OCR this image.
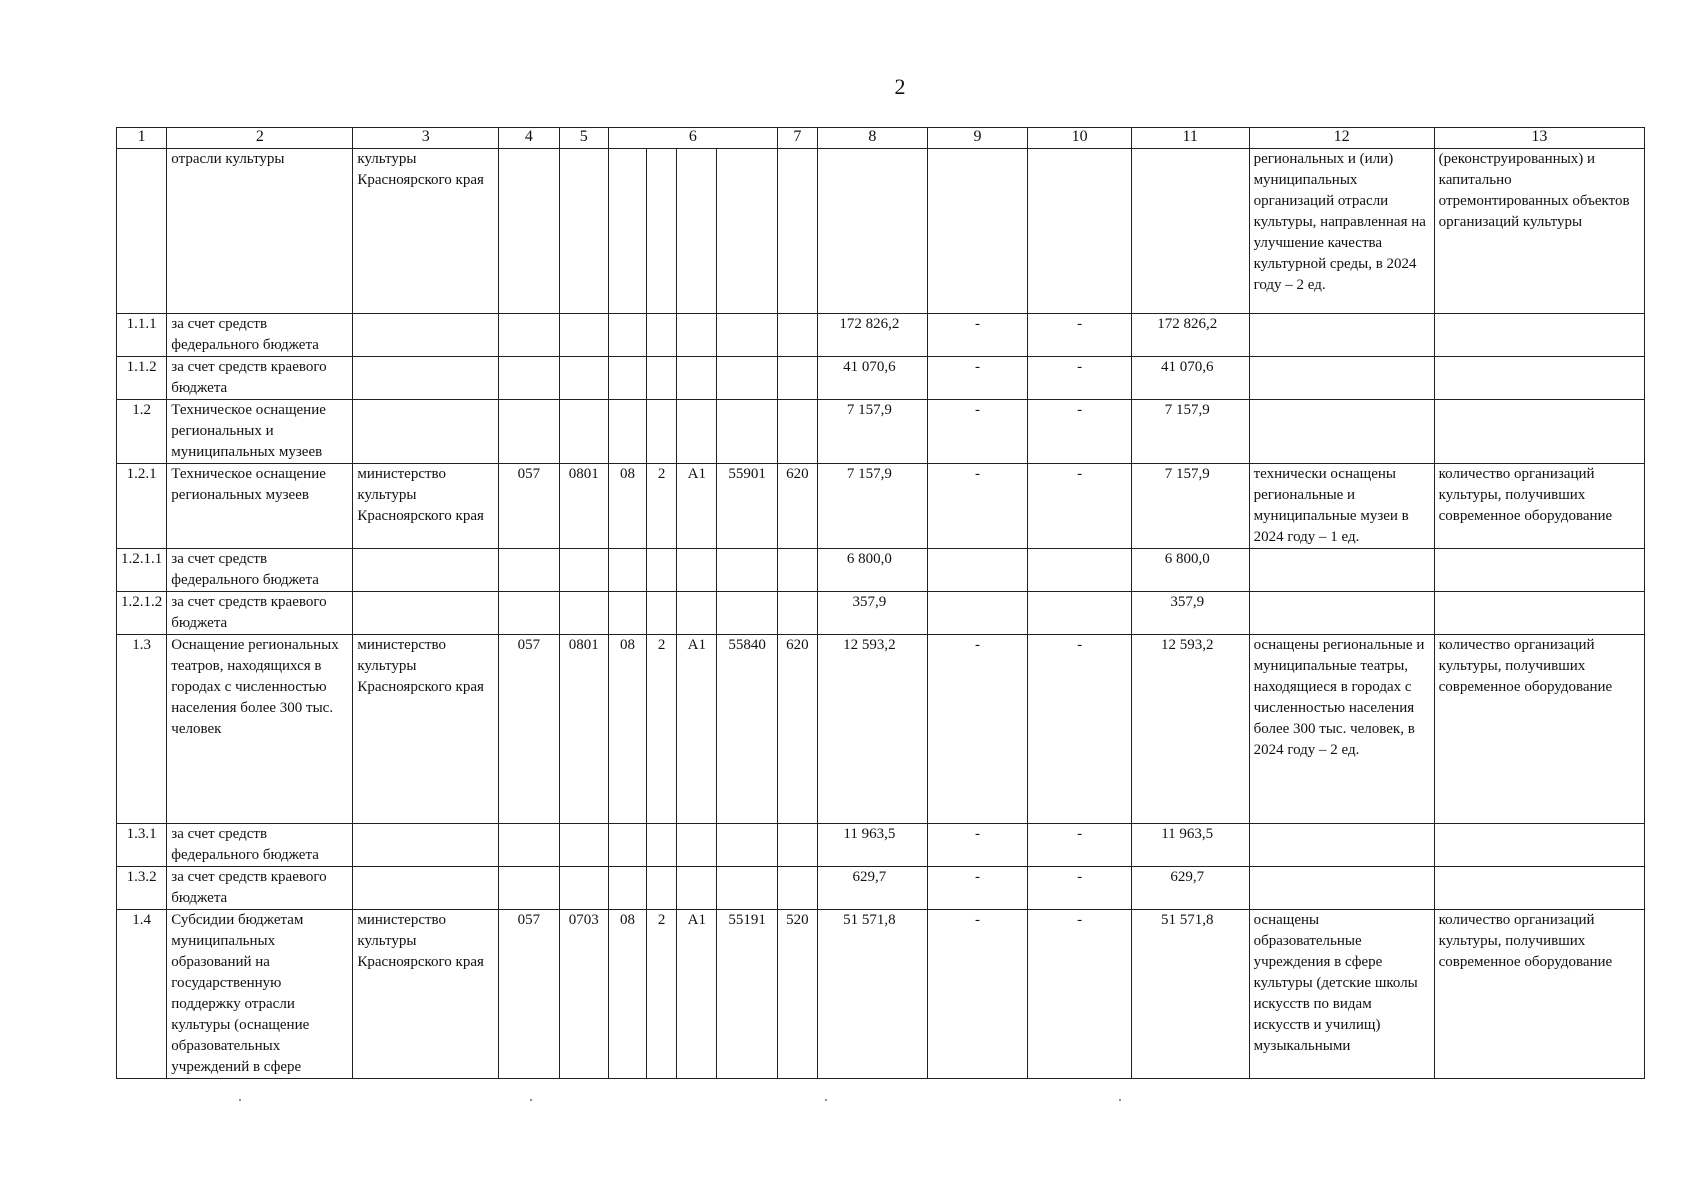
2
1	2	3	4	5	6				7	8	9	10	11	12	13
	отрасли культуры	культуры Красноярского края												региональных и (или) муниципальных организаций отрасли культуры, направленная на улучшение качества культурной среды, в 2024 году – 2 ед.	(реконструированных) и капитально отремонтированных объектов организаций культуры
1.1.1	за счет средств федерального бюджета									172 826,2	-	-	172 826,2		
1.1.2	за счет средств краевого бюджета									41 070,6	-	-	41 070,6		
1.2	Техническое оснащение региональных и муниципальных музеев									7 157,9	-	-	7 157,9		
1.2.1	Техническое оснащение региональных музеев	министерство культуры Красноярского края	057	0801	08	2	А1	55901	620	7 157,9	-	-	7 157,9	технически оснащены региональные и муниципальные музеи в 2024 году – 1 ед.	количество организаций культуры, получивших современное оборудование
1.2.1.1	за счет средств федерального бюджета									6 800,0			6 800,0		
1.2.1.2	за счет средств краевого бюджета									357,9			357,9		
1.3	Оснащение региональных театров, находящихся в городах с численностью населения более 300 тыс. человек	министерство культуры Красноярского края	057	0801	08	2	А1	55840	620	12 593,2	-	-	12 593,2	оснащены региональные и муниципальные театры, находящиеся в городах с численностью населения более 300 тыс. человек, в 2024 году – 2 ед.	количество организаций культуры, получивших современное оборудование
1.3.1	за счет средств федерального бюджета									11 963,5	-	-	11 963,5		
1.3.2	за счет средств краевого бюджета									629,7	-	-	629,7		
1.4	Субсидии бюджетам муниципальных образований на государственную поддержку отрасли культуры (оснащение образовательных учреждений в сфере	министерство культуры Красноярского края	057	0703	08	2	А1	55191	520	51 571,8	-	-	51 571,8	оснащены образовательные учреждения в сфере культуры (детские школы искусств по видам искусств и училищ) музыкальными	количество организаций культуры, получивших современное оборудование
